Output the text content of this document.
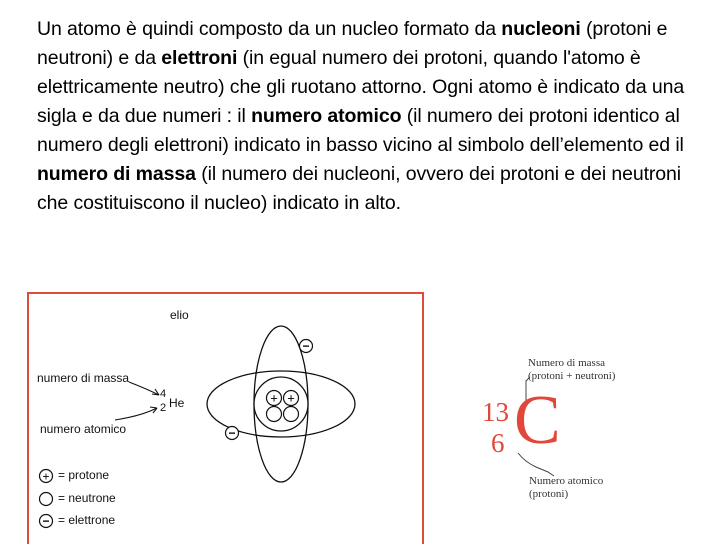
Un atomo è quindi composto da un nucleo formato da nucleoni (protoni e neutroni) e da elettroni (in egual numero dei protoni, quando l'atomo è elettricamente neutro) che gli ruotano attorno. Ogni atomo è indicato da una sigla e da due numeri : il numero atomico (il numero dei protoni identico al numero degli elettroni) indicato in basso vicino al simbolo dell’elemento ed il numero di massa (il numero dei nucleoni, ovvero dei protoni e dei neutroni che costituiscono il nucleo) indicato in alto.
+ +
−
−
+
−
elio
numero di massa
numero atomico
4
2 He
= protone
= neutrone
= elettrone
13
6 C
Numero di massa
(protoni + neutroni)
Numero atomico
(protoni)
